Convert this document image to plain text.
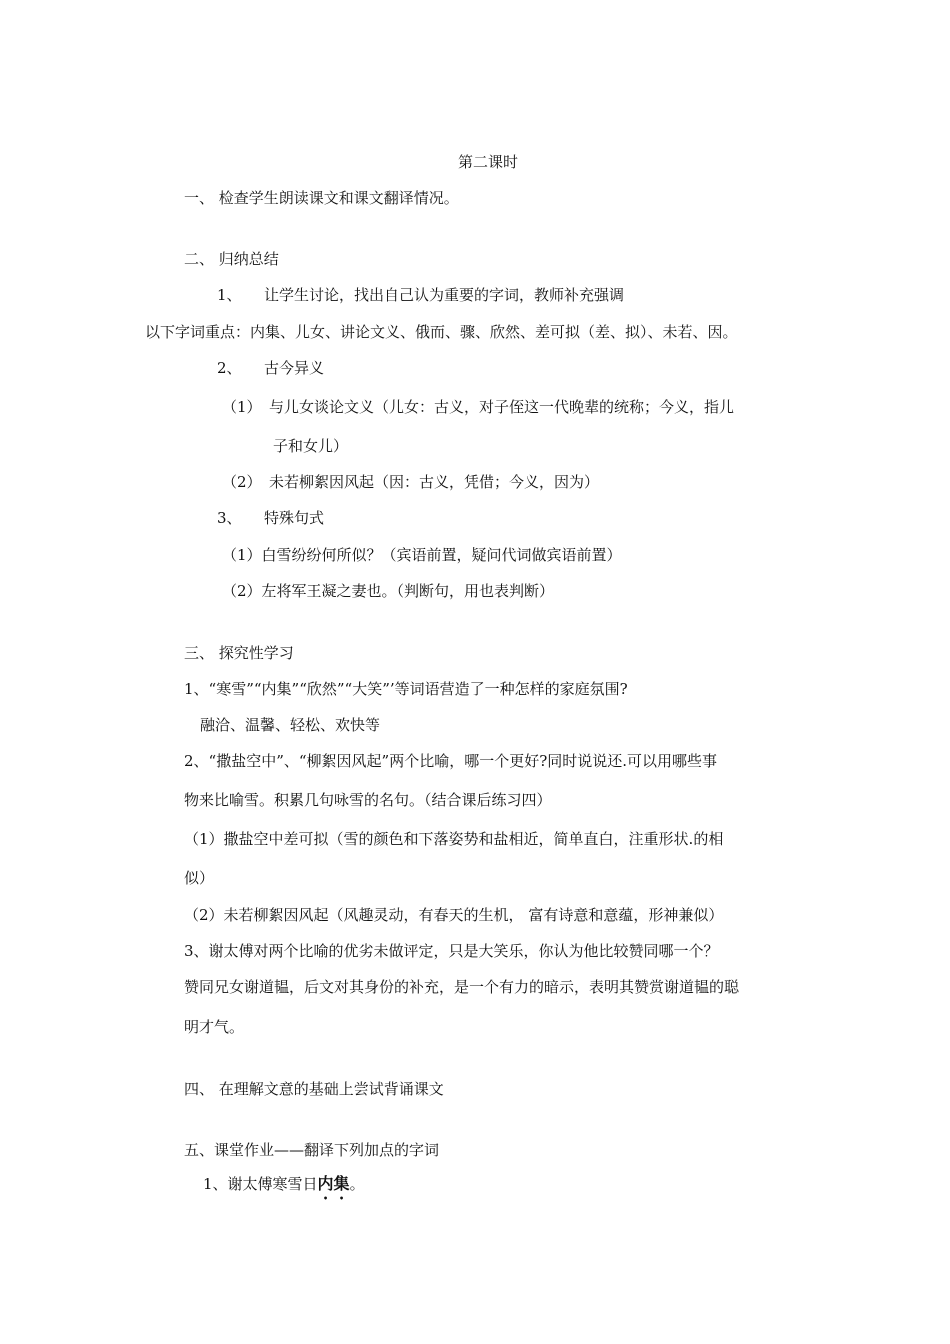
第二课时
一、 检查学生朗读课文和课文翻译情况。
二、 归纳总结
1、　　让学生讨论，找出自己认为重要的字词，教师补充强调
以下字词重点：内集、儿女、讲论文义、俄而、骤、欣然、差可拟（差、拟）、未若、因。
2、　　古今异义
（1）　与儿女谈论文义（儿女：古义，对子侄这一代晚辈的统称；今义，指儿
子和女儿）
（2）　未若柳絮因风起（因：古义，凭借；今义，因为）
3、　　特殊句式
（1）白雪纷纷何所似？（宾语前置，疑问代词做宾语前置）
（2）左将军王凝之妻也。（判断句，用也表判断）
三、 探究性学习
1、“寒雪”“内集”“欣然”“大笑”’等词语营造了一种怎样的家庭氛围?
融洽、温馨、轻松、欢快等
2、“撒盐空中”、“柳絮因风起”两个比喻，哪一个更好?同时说说还.可以用哪些事
物来比喻雪。积累几句咏雪的名句。（结合课后练习四）
（1）撒盐空中差可拟（雪的颜色和下落姿势和盐相近，简单直白，注重形状.的相
似）
（2）未若柳絮因风起（风趣灵动，有春天的生机， 富有诗意和意蕴，形神兼似）
3、谢太傅对两个比喻的优劣未做评定，只是大笑乐，你认为他比较赞同哪一个？
赞同兄女谢道韫，后文对其身份的补充，是一个有力的暗示，表明其赞赏谢道韫的聪
明才气。
四、 在理解文意的基础上尝试背诵课文
五、课堂作业——翻译下列加点的字词
1、谢太傅寒雪日内集。
